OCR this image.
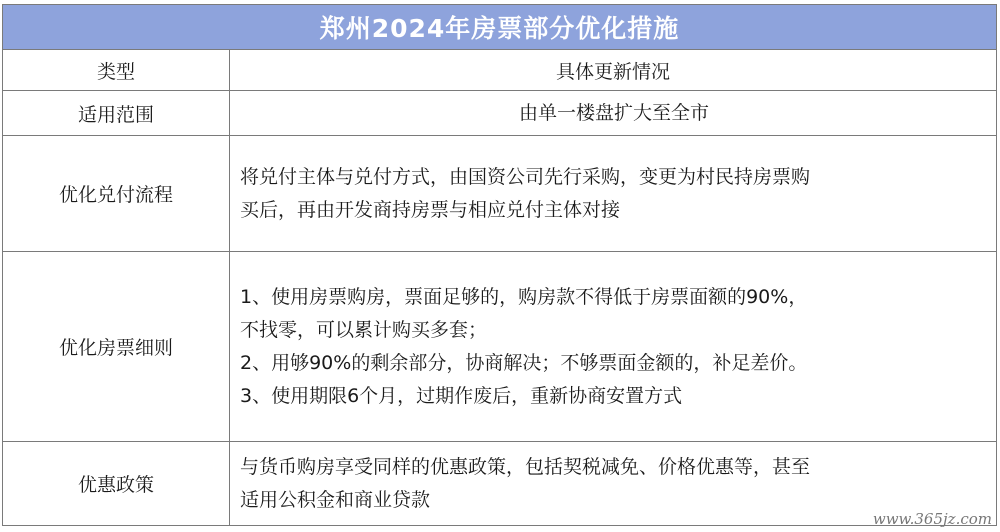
郑州2024年房票部分优化措施	
类型	具体更新情况
适用范围	由单一楼盘扩大至全市

优化兑付流程	将兑付主体与兑付方式，由国资公司先行采购，变更为村民持房票购
买后，再由开发商持房票与相应兑付主体对接

优化房票细则	1、使用房票购房，票面足够的，购房款不得低于房票面额的90%，
不找零，可以累计购买多套；
2、用够90%的剩余部分，协商解决；不够票面金额的，补足差价。
3、使用期限6个月，过期作废后，重新协商安置方式

优惠政策	与货币购房享受同样的优惠政策，包括契税减免、价格优惠等，甚至
适用公积金和商业贷款
www.365jz.com
